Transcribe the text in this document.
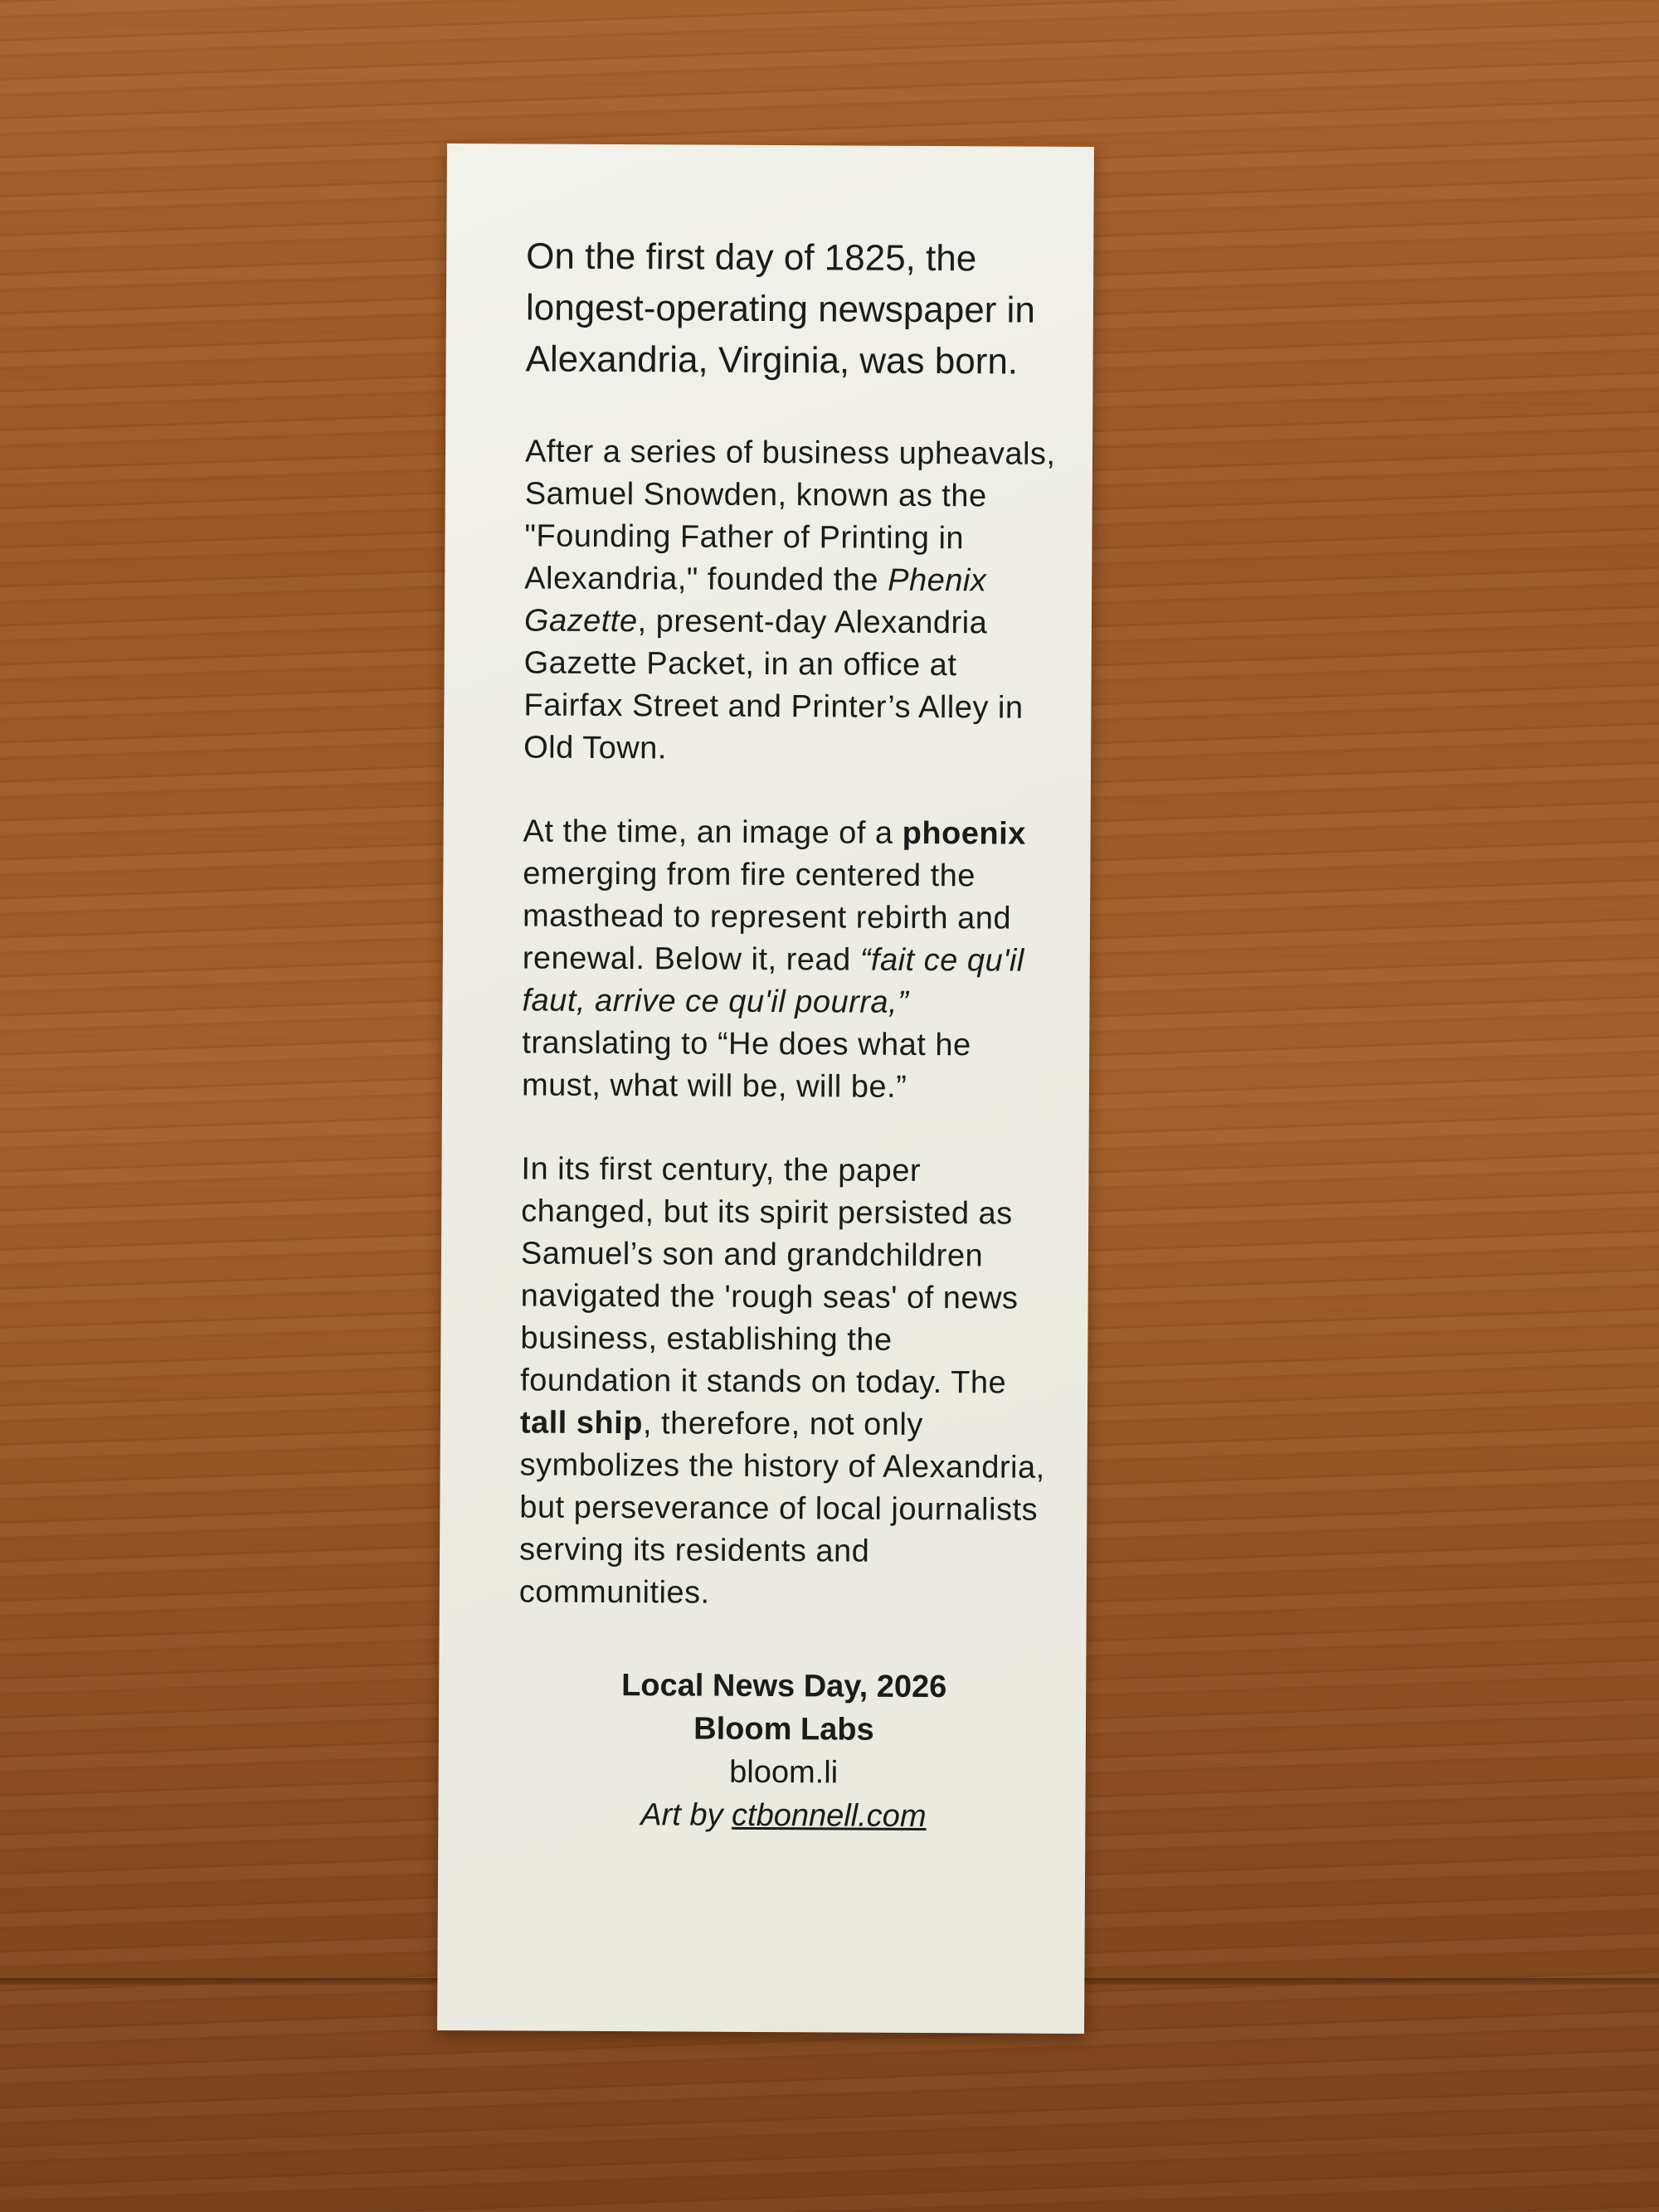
On the first day of 1825, the longest-operating newspaper in Alexandria, Virginia, was born.

After a series of business upheavals, Samuel Snowden, known as the "Founding Father of Printing in Alexandria," founded the Phenix Gazette, present-day Alexandria Gazette Packet, in an office at Fairfax Street and Printer’s Alley in Old Town.

At the time, an image of a phoenix emerging from fire centered the masthead to represent rebirth and renewal. Below it, read “fait ce qu'il faut, arrive ce qu'il pourra,” translating to “He does what he must, what will be, will be.”

In its first century, the paper changed, but its spirit persisted as Samuel’s son and grandchildren navigated the 'rough seas' of news business, establishing the foundation it stands on today. The tall ship, therefore, not only symbolizes the history of Alexandria, but perseverance of local journalists serving its residents and communities.

Local News Day, 2026
Bloom Labs
bloom.li
Art by ctbonnell.com
